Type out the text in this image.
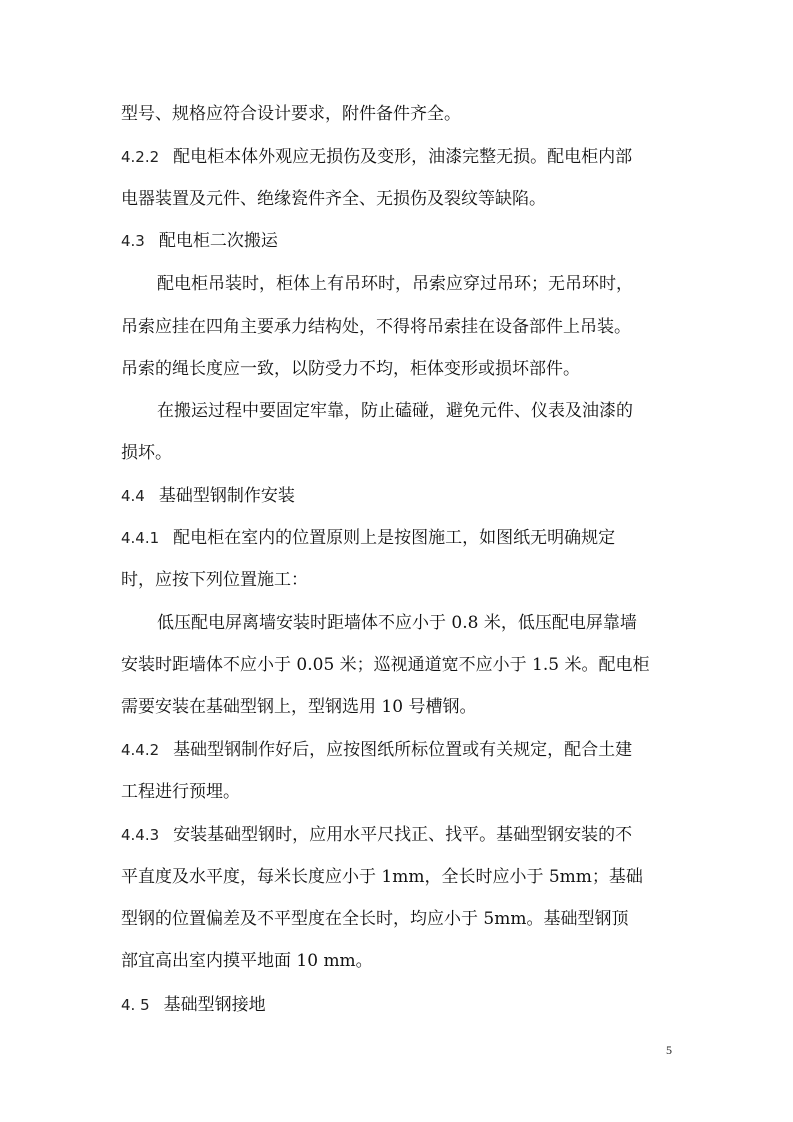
型号、规格应符合设计要求，附件备件齐全。
4.2.2 配电柜本体外观应无损伤及变形，油漆完整无损。配电柜内部
电器装置及元件、绝缘瓷件齐全、无损伤及裂纹等缺陷。
4.3 配电柜二次搬运
配电柜吊装时，柜体上有吊环时，吊索应穿过吊环；无吊环时，
吊索应挂在四角主要承力结构处，不得将吊索挂在设备部件上吊装。
吊索的绳长度应一致，以防受力不均，柜体变形或损坏部件。
在搬运过程中要固定牢靠，防止磕碰，避免元件、仪表及油漆的
损坏。
4.4 基础型钢制作安装
4.4.1 配电柜在室内的位置原则上是按图施工，如图纸无明确规定
时，应按下列位置施工：
低压配电屏离墙安装时距墙体不应小于 0.8 米，低压配电屏靠墙
安装时距墙体不应小于 0.05 米；巡视通道宽不应小于 1.5 米。配电柜
需要安装在基础型钢上，型钢选用 10 号槽钢。
4.4.2 基础型钢制作好后，应按图纸所标位置或有关规定，配合土建
工程进行预埋。
4.4.3 安装基础型钢时，应用水平尺找正、找平。基础型钢安装的不
平直度及水平度，每米长度应小于 1mm，全长时应小于 5mm；基础
型钢的位置偏差及不平型度在全长时，均应小于 5mm。基础型钢顶
部宜高出室内摸平地面 10 mm。
4. 5 基础型钢接地
5
